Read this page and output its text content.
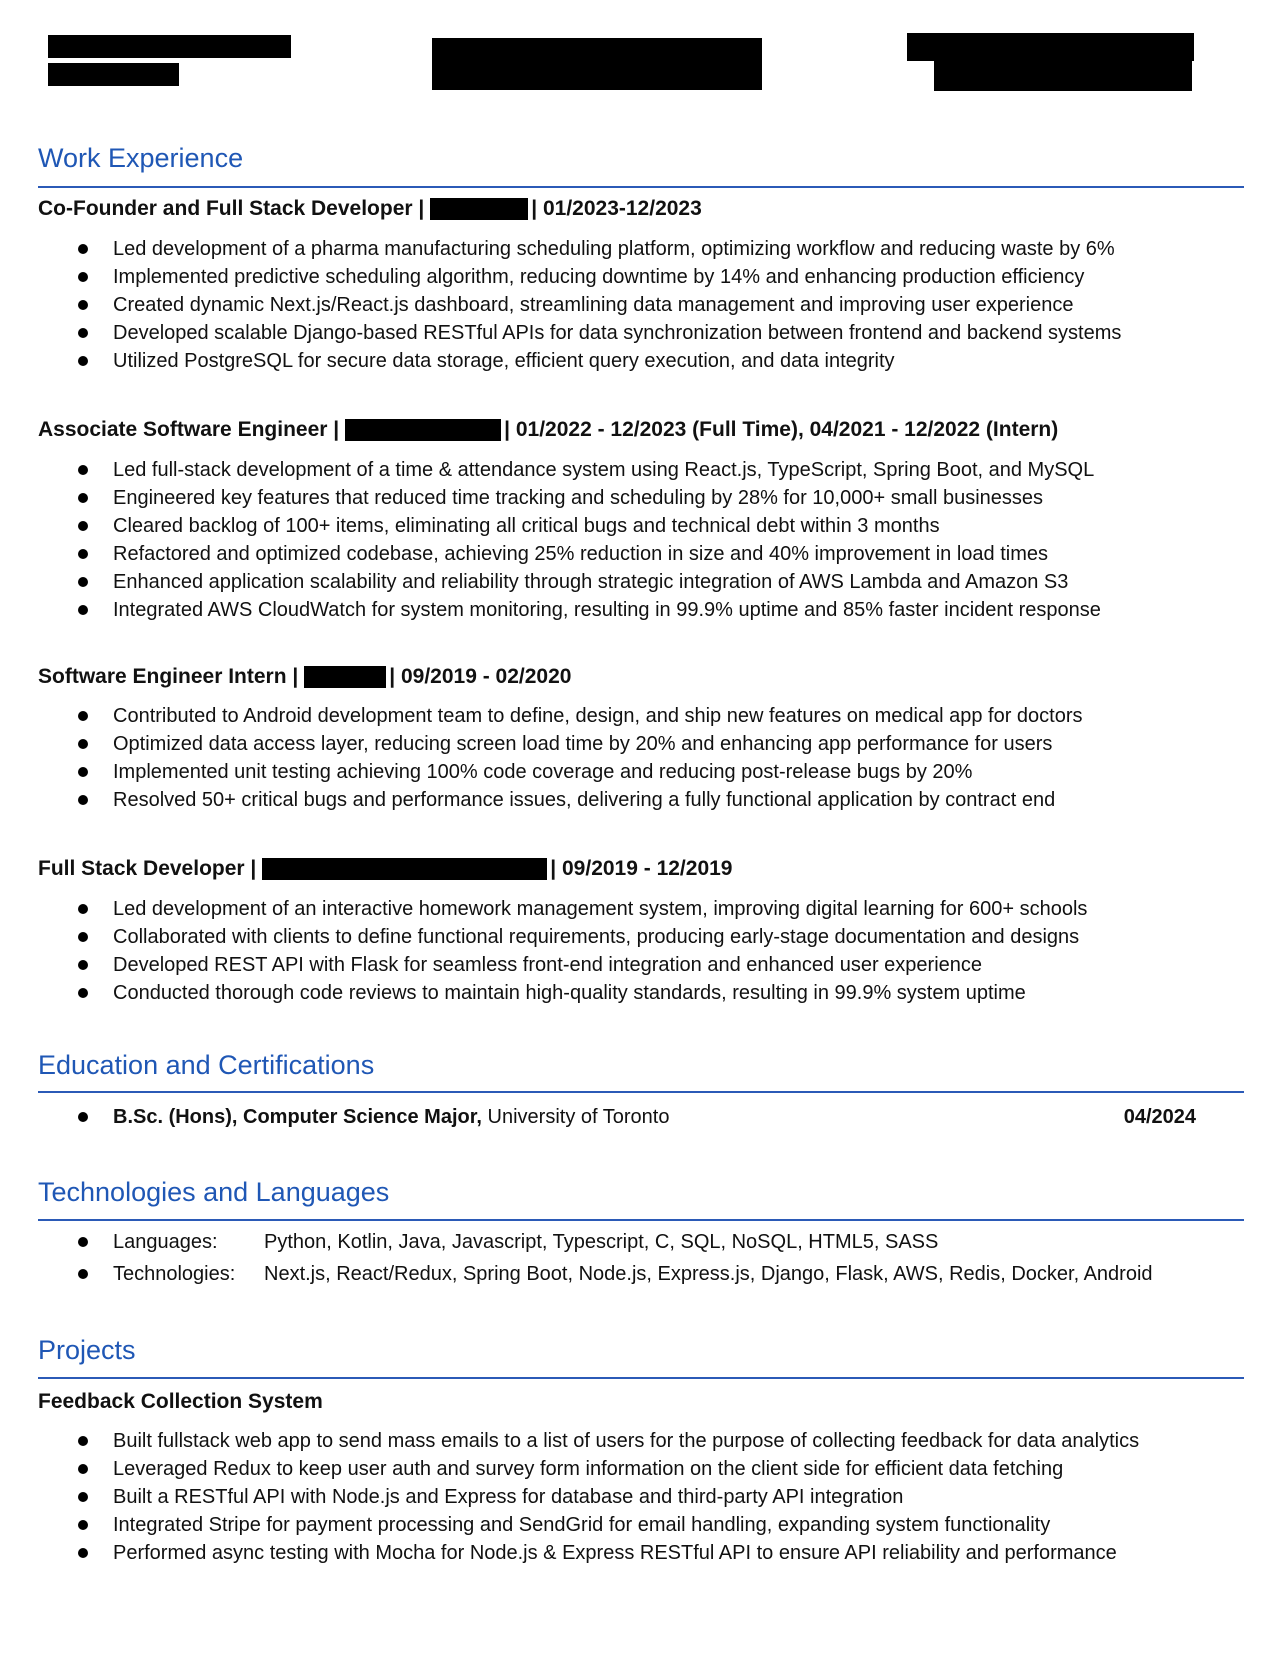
Work Experience
Co-Founder and Full Stack Developer |	| 01/2023-12/2023
Led development of a pharma manufacturing scheduling platform, optimizing workflow and reducing waste by 6%
Implemented predictive scheduling algorithm, reducing downtime by 14% and enhancing production efficiency
Created dynamic Next.js/React.js dashboard, streamlining data management and improving user experience
Developed scalable Django-based RESTful APIs for data synchronization between frontend and backend systems
Utilized PostgreSQL for secure data storage, efficient query execution, and data integrity
Associate Software Engineer |	| 01/2022 - 12/2023 (Full Time), 04/2021 - 12/2022 (Intern)
Led full-stack development of a time & attendance system using React.js, TypeScript, Spring Boot, and MySQL
Engineered key features that reduced time tracking and scheduling by 28% for 10,000+ small businesses
Cleared backlog of 100+ items, eliminating all critical bugs and technical debt within 3 months
Refactored and optimized codebase, achieving 25% reduction in size and 40% improvement in load times
Enhanced application scalability and reliability through strategic integration of AWS Lambda and Amazon S3
Integrated AWS CloudWatch for system monitoring, resulting in 99.9% uptime and 85% faster incident response
Software Engineer Intern |	| 09/2019 - 02/2020
Contributed to Android development team to define, design, and ship new features on medical app for doctors
Optimized data access layer, reducing screen load time by 20% and enhancing app performance for users
Implemented unit testing achieving 100% code coverage and reducing post-release bugs by 20%
Resolved 50+ critical bugs and performance issues, delivering a fully functional application by contract end
Full Stack Developer |	| 09/2019 - 12/2019
Led development of an interactive homework management system, improving digital learning for 600+ schools
Collaborated with clients to define functional requirements, producing early-stage documentation and designs
Developed REST API with Flask for seamless front-end integration and enhanced user experience
Conducted thorough code reviews to maintain high-quality standards, resulting in 99.9% system uptime
Education and Certifications
B.Sc. (Hons), Computer Science Major, University of Toronto	04/2024
Technologies and Languages
Languages: Python, Kotlin, Java, Javascript, Typescript, C, SQL, NoSQL, HTML5, SASS
Technologies: Next.js, React/Redux, Spring Boot, Node.js, Express.js, Django, Flask, AWS, Redis, Docker, Android
Projects
Feedback Collection System
Built fullstack web app to send mass emails to a list of users for the purpose of collecting feedback for data analytics
Leveraged Redux to keep user auth and survey form information on the client side for efficient data fetching
Built a RESTful API with Node.js and Express for database and third-party API integration
Integrated Stripe for payment processing and SendGrid for email handling, expanding system functionality
Performed async testing with Mocha for Node.js & Express RESTful API to ensure API reliability and performance
